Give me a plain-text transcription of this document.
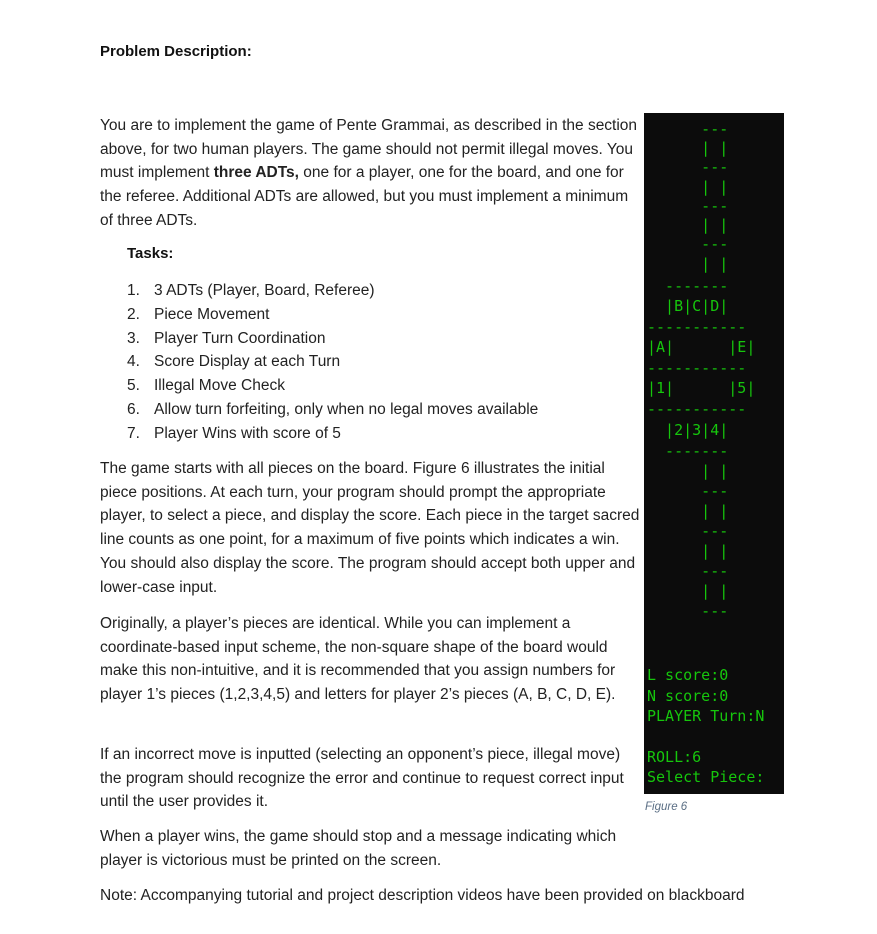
Problem Description:

You are to implement the game of Pente Grammai, as described in the section above, for two human players. The game should not permit illegal moves. You must implement three ADTs, one for a player, one for the board, and one for the referee. Additional ADTs are allowed, but you must implement a minimum of three ADTs.

Tasks:
1. 3 ADTs (Player, Board, Referee)
2. Piece Movement
3. Player Turn Coordination
4. Score Display at each Turn
5. Illegal Move Check
6. Allow turn forfeiting, only when no legal moves available
7. Player Wins with score of 5

The game starts with all pieces on the board. Figure 6 illustrates the initial piece positions. At each turn, your program should prompt the appropriate player, to select a piece, and display the score. Each piece in the target sacred line counts as one point, for a maximum of five points which indicates a win. You should also display the score. The program should accept both upper and lower-case input.

Originally, a player’s pieces are identical. While you can implement a coordinate-based input scheme, the non-square shape of the board would make this non-intuitive, and it is recommended that you assign numbers for player 1’s pieces (1,2,3,4,5) and letters for player 2’s pieces (A, B, C, D, E).

If an incorrect move is inputted (selecting an opponent’s piece, illegal move) the program should recognize the error and continue to request correct input until the user provides it.

When a player wins, the game should stop and a message indicating which player is victorious must be printed on the screen.

Note: Accompanying tutorial and project description videos have been provided on blackboard

---
| |
---
| |
---
| |
---
| |
-------
|B|C|D|
-----------
|A|      |E|
-----------
|1|      |5|
-----------
|2|3|4|
-------
| |
---
| |
---
| |
---
| |
---
L score:0
N score:0
PLAYER Turn:N
ROLL:6
Select Piece:
Figure 6
